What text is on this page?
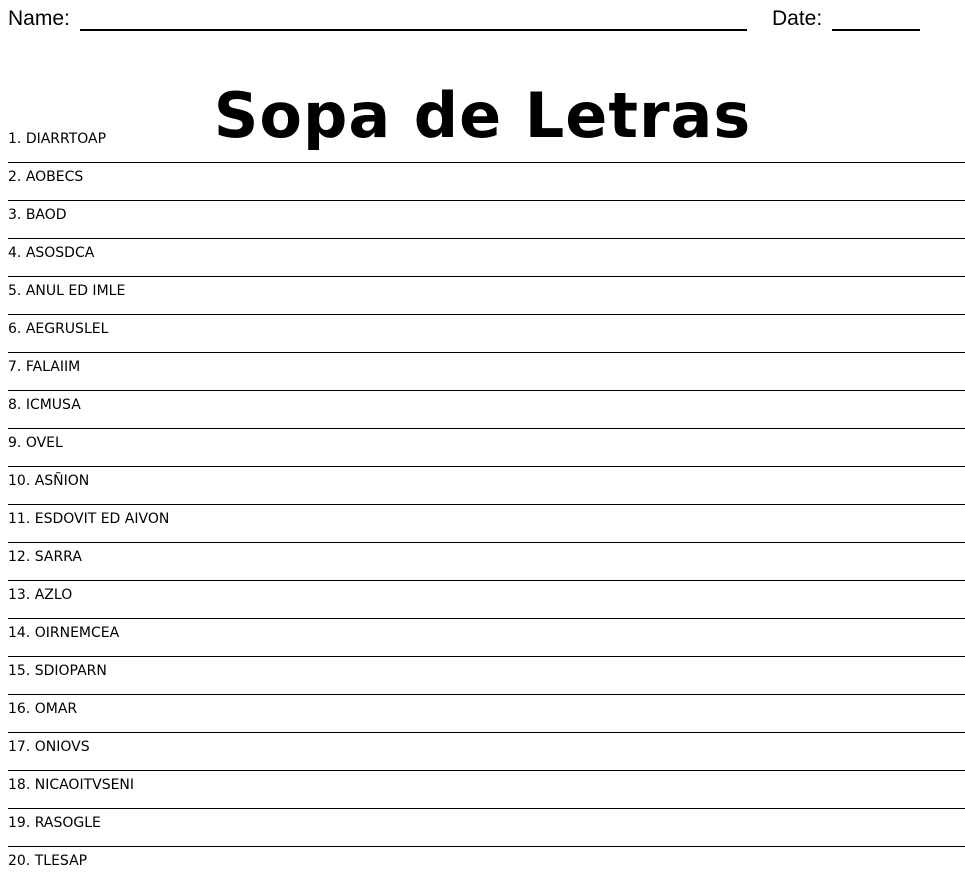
Name:	Date:
Sopa de Letras
1. DIARRTOAP
2. AOBECS
3. BAOD
4. ASOSDCA
5. ANUL ED IMLE
6. AEGRUSLEL
7. FALAIIM
8. ICMUSA
9. OVEL
10. ASÑION
11. ESDOVIT ED AIVON
12. SARRA
13. AZLO
14. OIRNEMCEA
15. SDIOPARN
16. OMAR
17. ONIOVS
18. NICAOITVSENI
19. RASOGLE
20. TLESAP
